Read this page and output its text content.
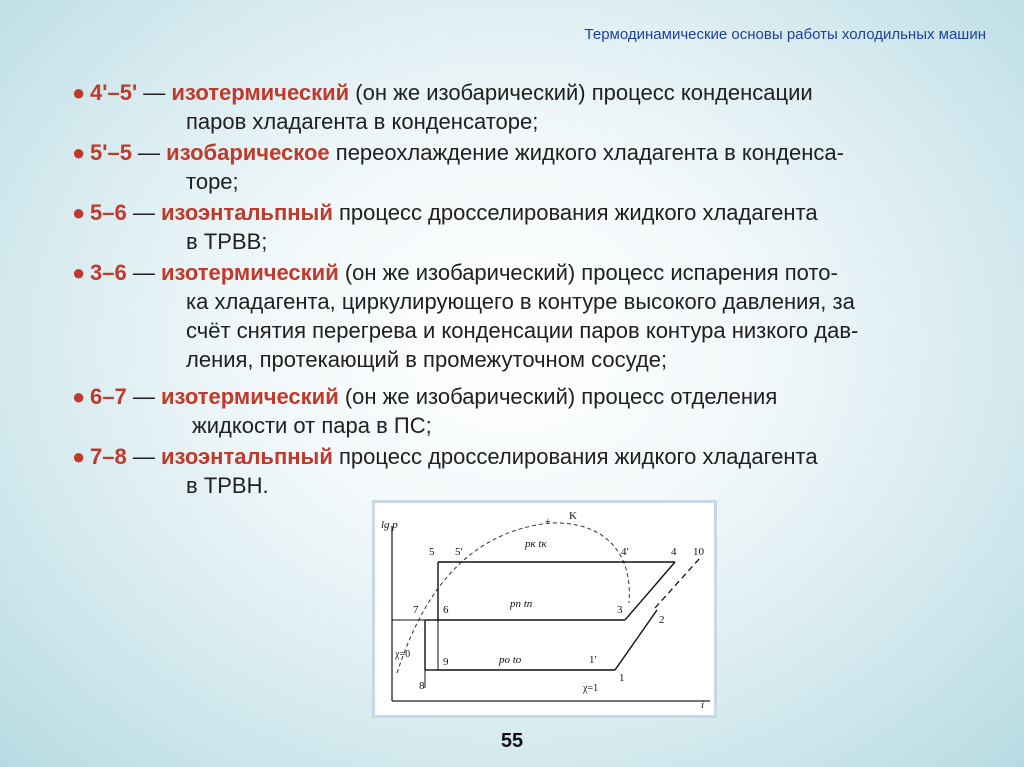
Термодинамические основы работы холодильных машин
● 4'–5' — изотермический (он же изобарический) процесс конденсации
паров хладагента в конденсаторе;
● 5'–5 — изобарическое переохлаждение жидкого хладагента в конденса-
торе;
● 5–6 — изоэнтальпный процесс дросселирования жидкого хладагента
в ТРВВ;
● 3–6 — изотермический (он же изобарический) процесс испарения пото-
ка хладагента, циркулирующего в контуре высокого давления, за
счёт снятия перегрева и конденсации паров контура низкого дав-
ления, протекающий в промежуточном сосуде;
● 6–7 — изотермический (он же изобарический) процесс отделения
жидкости от пара в ПС;
● 7–8 — изоэнтальпный процесс дросселирования жидкого хладагента
в ТРВН.
lg p
i
K
+
5 5′
pк tк
4′	4 10
7 6	pп tп	3
2
χ=0
9	pо tо	1′
1
8	χ=1
55
